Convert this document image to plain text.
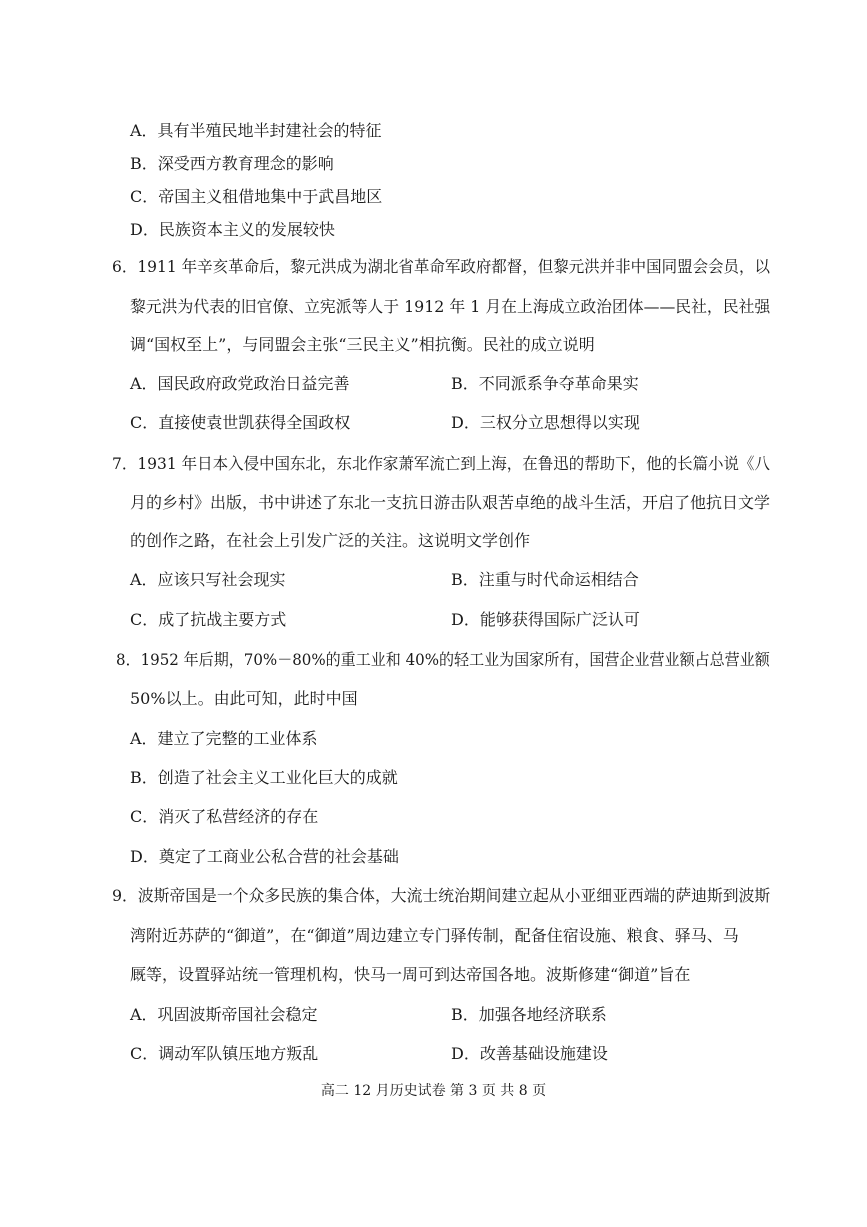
A．具有半殖民地半封建社会的特征
B．深受西方教育理念的影响
C．帝国主义租借地集中于武昌地区
D．民族资本主义的发展较快
6．1911 年辛亥革命后，黎元洪成为湖北省革命军政府都督，但黎元洪并非中国同盟会会员，以
黎元洪为代表的旧官僚、立宪派等人于 1912 年 1 月在上海成立政治团体——民社，民社强
调“国权至上”，与同盟会主张“三民主义”相抗衡。民社的成立说明
A．国民政府政党政治日益完善	B．不同派系争夺革命果实
C．直接使袁世凯获得全国政权	D．三权分立思想得以实现
7．1931 年日本入侵中国东北，东北作家萧军流亡到上海，在鲁迅的帮助下，他的长篇小说《八
月的乡村》出版，书中讲述了东北一支抗日游击队艰苦卓绝的战斗生活，开启了他抗日文学
的创作之路，在社会上引发广泛的关注。这说明文学创作
A．应该只写社会现实	B．注重与时代命运相结合
C．成了抗战主要方式	D．能够获得国际广泛认可
8．1952 年后期，70%－80%的重工业和 40%的轻工业为国家所有，国营企业营业额占总营业额
50%以上。由此可知，此时中国
A．建立了完整的工业体系
B．创造了社会主义工业化巨大的成就
C．消灭了私营经济的存在
D．奠定了工商业公私合营的社会基础
9．波斯帝国是一个众多民族的集合体，大流士统治期间建立起从小亚细亚西端的萨迪斯到波斯
湾附近苏萨的“御道”，在“御道”周边建立专门驿传制，配备住宿设施、粮食、驿马、马
厩等，设置驿站统一管理机构，快马一周可到达帝国各地。波斯修建“御道”旨在
A．巩固波斯帝国社会稳定	B．加强各地经济联系
C．调动军队镇压地方叛乱	D．改善基础设施建设
高二 12 月历史试卷 第 3 页 共 8 页
